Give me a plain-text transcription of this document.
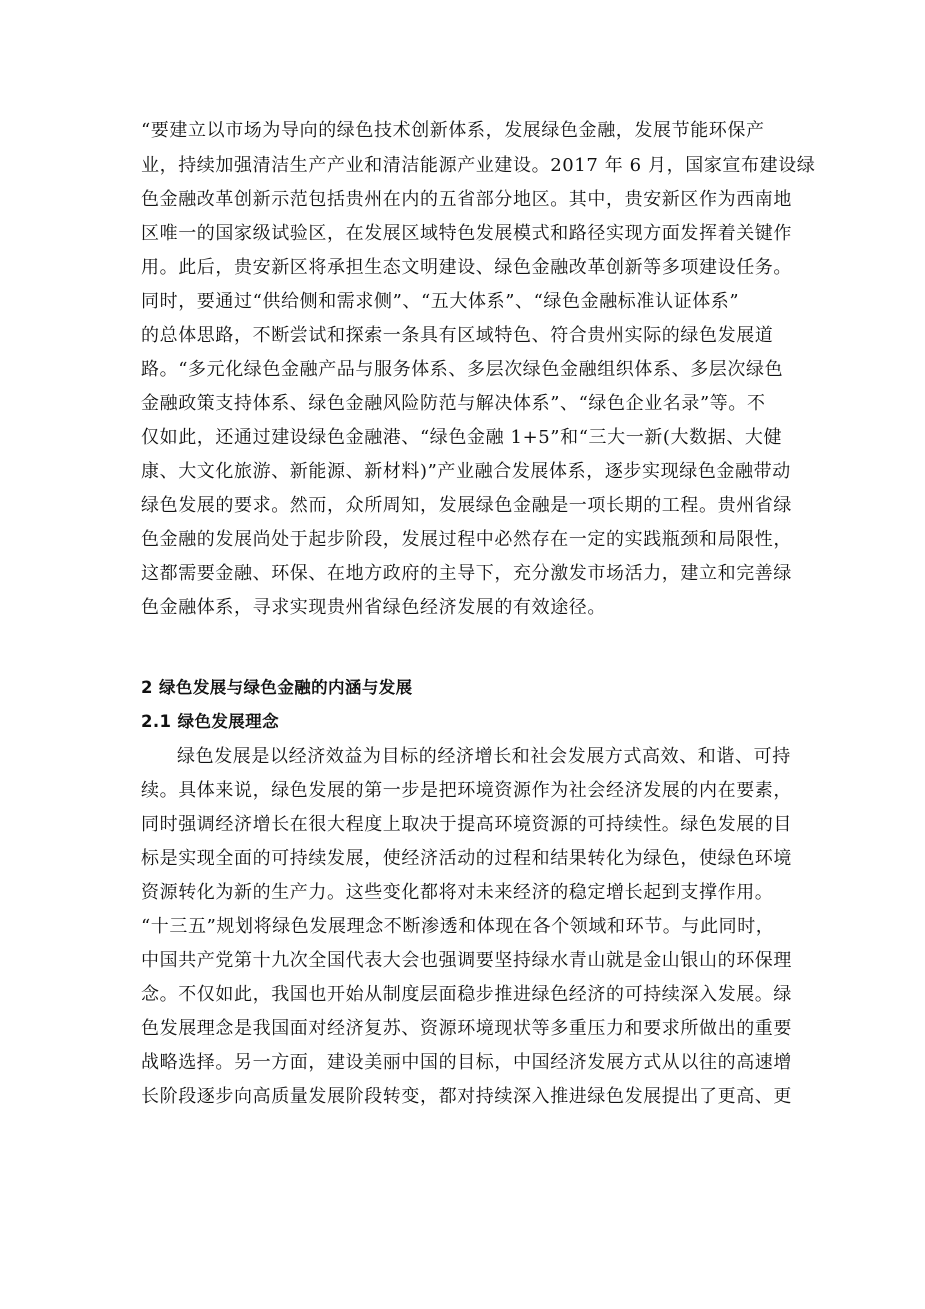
“要建立以市场为导向的绿色技术创新体系，发展绿色金融，发展节能环保产
业，持续加强清洁生产产业和清洁能源产业建设。2017 年 6 月，国家宣布建设绿
色金融改革创新示范包括贵州在内的五省部分地区。其中，贵安新区作为西南地
区唯一的国家级试验区，在发展区域特色发展模式和路径实现方面发挥着关键作
用。此后，贵安新区将承担生态文明建设、绿色金融改革创新等多项建设任务。
同时，要通过“供给侧和需求侧”、“五大体系”、“绿色金融标准认证体系”
的总体思路，不断尝试和探索一条具有区域特色、符合贵州实际的绿色发展道
路。“多元化绿色金融产品与服务体系、多层次绿色金融组织体系、多层次绿色
金融政策支持体系、绿色金融风险防范与解决体系”、“绿色企业名录”等。不
仅如此，还通过建设绿色金融港、“绿色金融 1+5”和“三大一新(大数据、大健
康、大文化旅游、新能源、新材料)”产业融合发展体系，逐步实现绿色金融带动
绿色发展的要求。然而，众所周知，发展绿色金融是一项长期的工程。贵州省绿
色金融的发展尚处于起步阶段，发展过程中必然存在一定的实践瓶颈和局限性，
这都需要金融、环保、在地方政府的主导下，充分激发市场活力，建立和完善绿
色金融体系，寻求实现贵州省绿色经济发展的有效途径。
2 绿色发展与绿色金融的内涵与发展
2.1 绿色发展理念
绿色发展是以经济效益为目标的经济增长和社会发展方式高效、和谐、可持
续。具体来说，绿色发展的第一步是把环境资源作为社会经济发展的内在要素，
同时强调经济增长在很大程度上取决于提高环境资源的可持续性。绿色发展的目
标是实现全面的可持续发展，使经济活动的过程和结果转化为绿色，使绿色环境
资源转化为新的生产力。这些变化都将对未来经济的稳定增长起到支撑作用。
“十三五”规划将绿色发展理念不断渗透和体现在各个领域和环节。与此同时，
中国共产党第十九次全国代表大会也强调要坚持绿水青山就是金山银山的环保理
念。不仅如此，我国也开始从制度层面稳步推进绿色经济的可持续深入发展。绿
色发展理念是我国面对经济复苏、资源环境现状等多重压力和要求所做出的重要
战略选择。另一方面，建设美丽中国的目标，中国经济发展方式从以往的高速增
长阶段逐步向高质量发展阶段转变，都对持续深入推进绿色发展提出了更高、更
